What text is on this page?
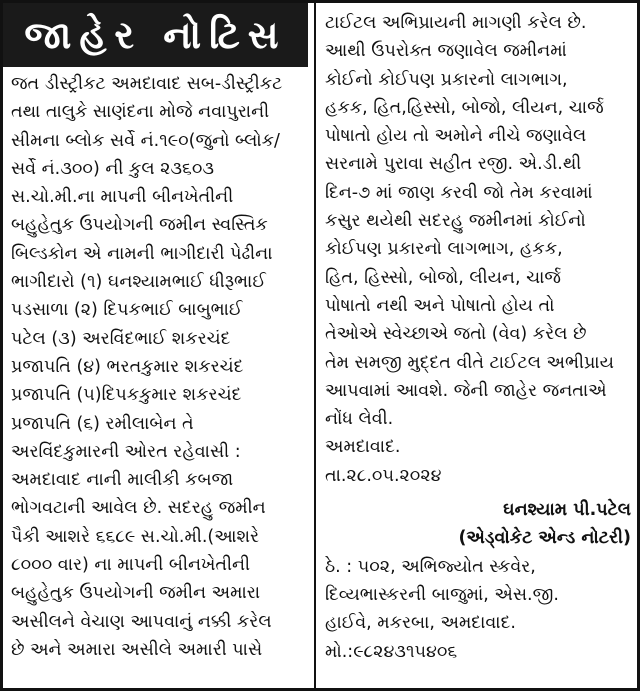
જાહેર નોટિસ
જત ડીસ્ટ્રીકટ અમદાવાદ સબ-ડીસ્ટ્રીકટ
તથા તાલુકે સાણંદના મોજે નવાપુરાની
સીમના બ્લોક સર્વે નં.૧૯૦(જુનો બ્લોક/
સર્વે નં.૩૦૦) ની કુલ ૨૩૬૦૩
સ.ચો.મી.ના માપની બીનખેતીની
બહુહેતુક ઉપયોગની જમીન સ્વસ્તિક
બિલ્ડકોન એ નામની ભાગીદારી પેઢીના
ભાગીદારો (૧) ઘનશ્યામભાઈ ધીરૂભાઈ
પડસાળા (૨) દિપકભાઈ બાબુભાઈ
પટેલ (૩) અરવિંદભાઈ શકરચંદ
પ્રજાપતિ (૪) ભરતકુમાર શકરચંદ
પ્રજાપતિ (૫)દિપકકુમાર શકરચંદ
પ્રજાપતિ (૬) રમીલાબેન તે
અરવિંદકુમારની ઓરત રહેવાસી :
અમદાવાદ નાની માલીકી કબજા
ભોગવટાની આવેલ છે. સદરહુ જમીન
પૈકી આશરે ૬૬૮૯ સ.ચો.મી.(આશરે
૮૦૦૦ વાર) ના માપની બીનખેતીની
બહુહેતુક ઉપયોગની જમીન અમારા
અસીલને વેચાણ આપવાનું નક્કી કરેલ
છે અને અમારા અસીલે અમારી પાસે
ટાઈટલ અભિપ્રાયની માગણી કરેલ છે.
આથી ઉપરોક્ત જણાવેલ જમીનમાં
કોઈનો કોઈપણ પ્રકારનો લાગભાગ,
હકક, હિત,હિસ્સો, બોજો, લીયન, ચાર્જ
પોષાતો હોય તો અમોને નીચે જણાવેલ
સરનામે પુરાવા સહીત રજી. એ.ડી.થી
દિન-૭ માં જાણ કરવી જો તેમ કરવામાં
કસુર થયેથી સદરહુ જમીનમાં કોઈનો
કોઈપણ પ્રકારનો લાગભાગ, હકક,
હિત, હિસ્સો, બોજો, લીયન, ચાર્જ
પોષાતો નથી અને પોષાતો હોય તો
તેઓએ સ્વેચ્છાએ જતો (વેવ) કરેલ છે
તેમ સમજી મુદ્દત વીતે ટાઈટલ અભીપ્રાય
આપવામાં આવશે. જેની જાહેર જનતાએ
નોંધ લેવી.
અમદાવાદ.
તા.૨૮.૦૫.૨૦૨૪
ઘનશ્યામ પી.પટેલ
(એડ્વોકેટ એન્ડ નોટરી)
ઠે. : ૫૦૨, અભિજ્યોત સ્કવેર,
દિવ્યભાસ્કરની બાજુમાં, એસ.જી.
હાઈવે, મકરબા, અમદાવાદ.
મો.:૯૮૨૪૩૧૫૪૦૬
